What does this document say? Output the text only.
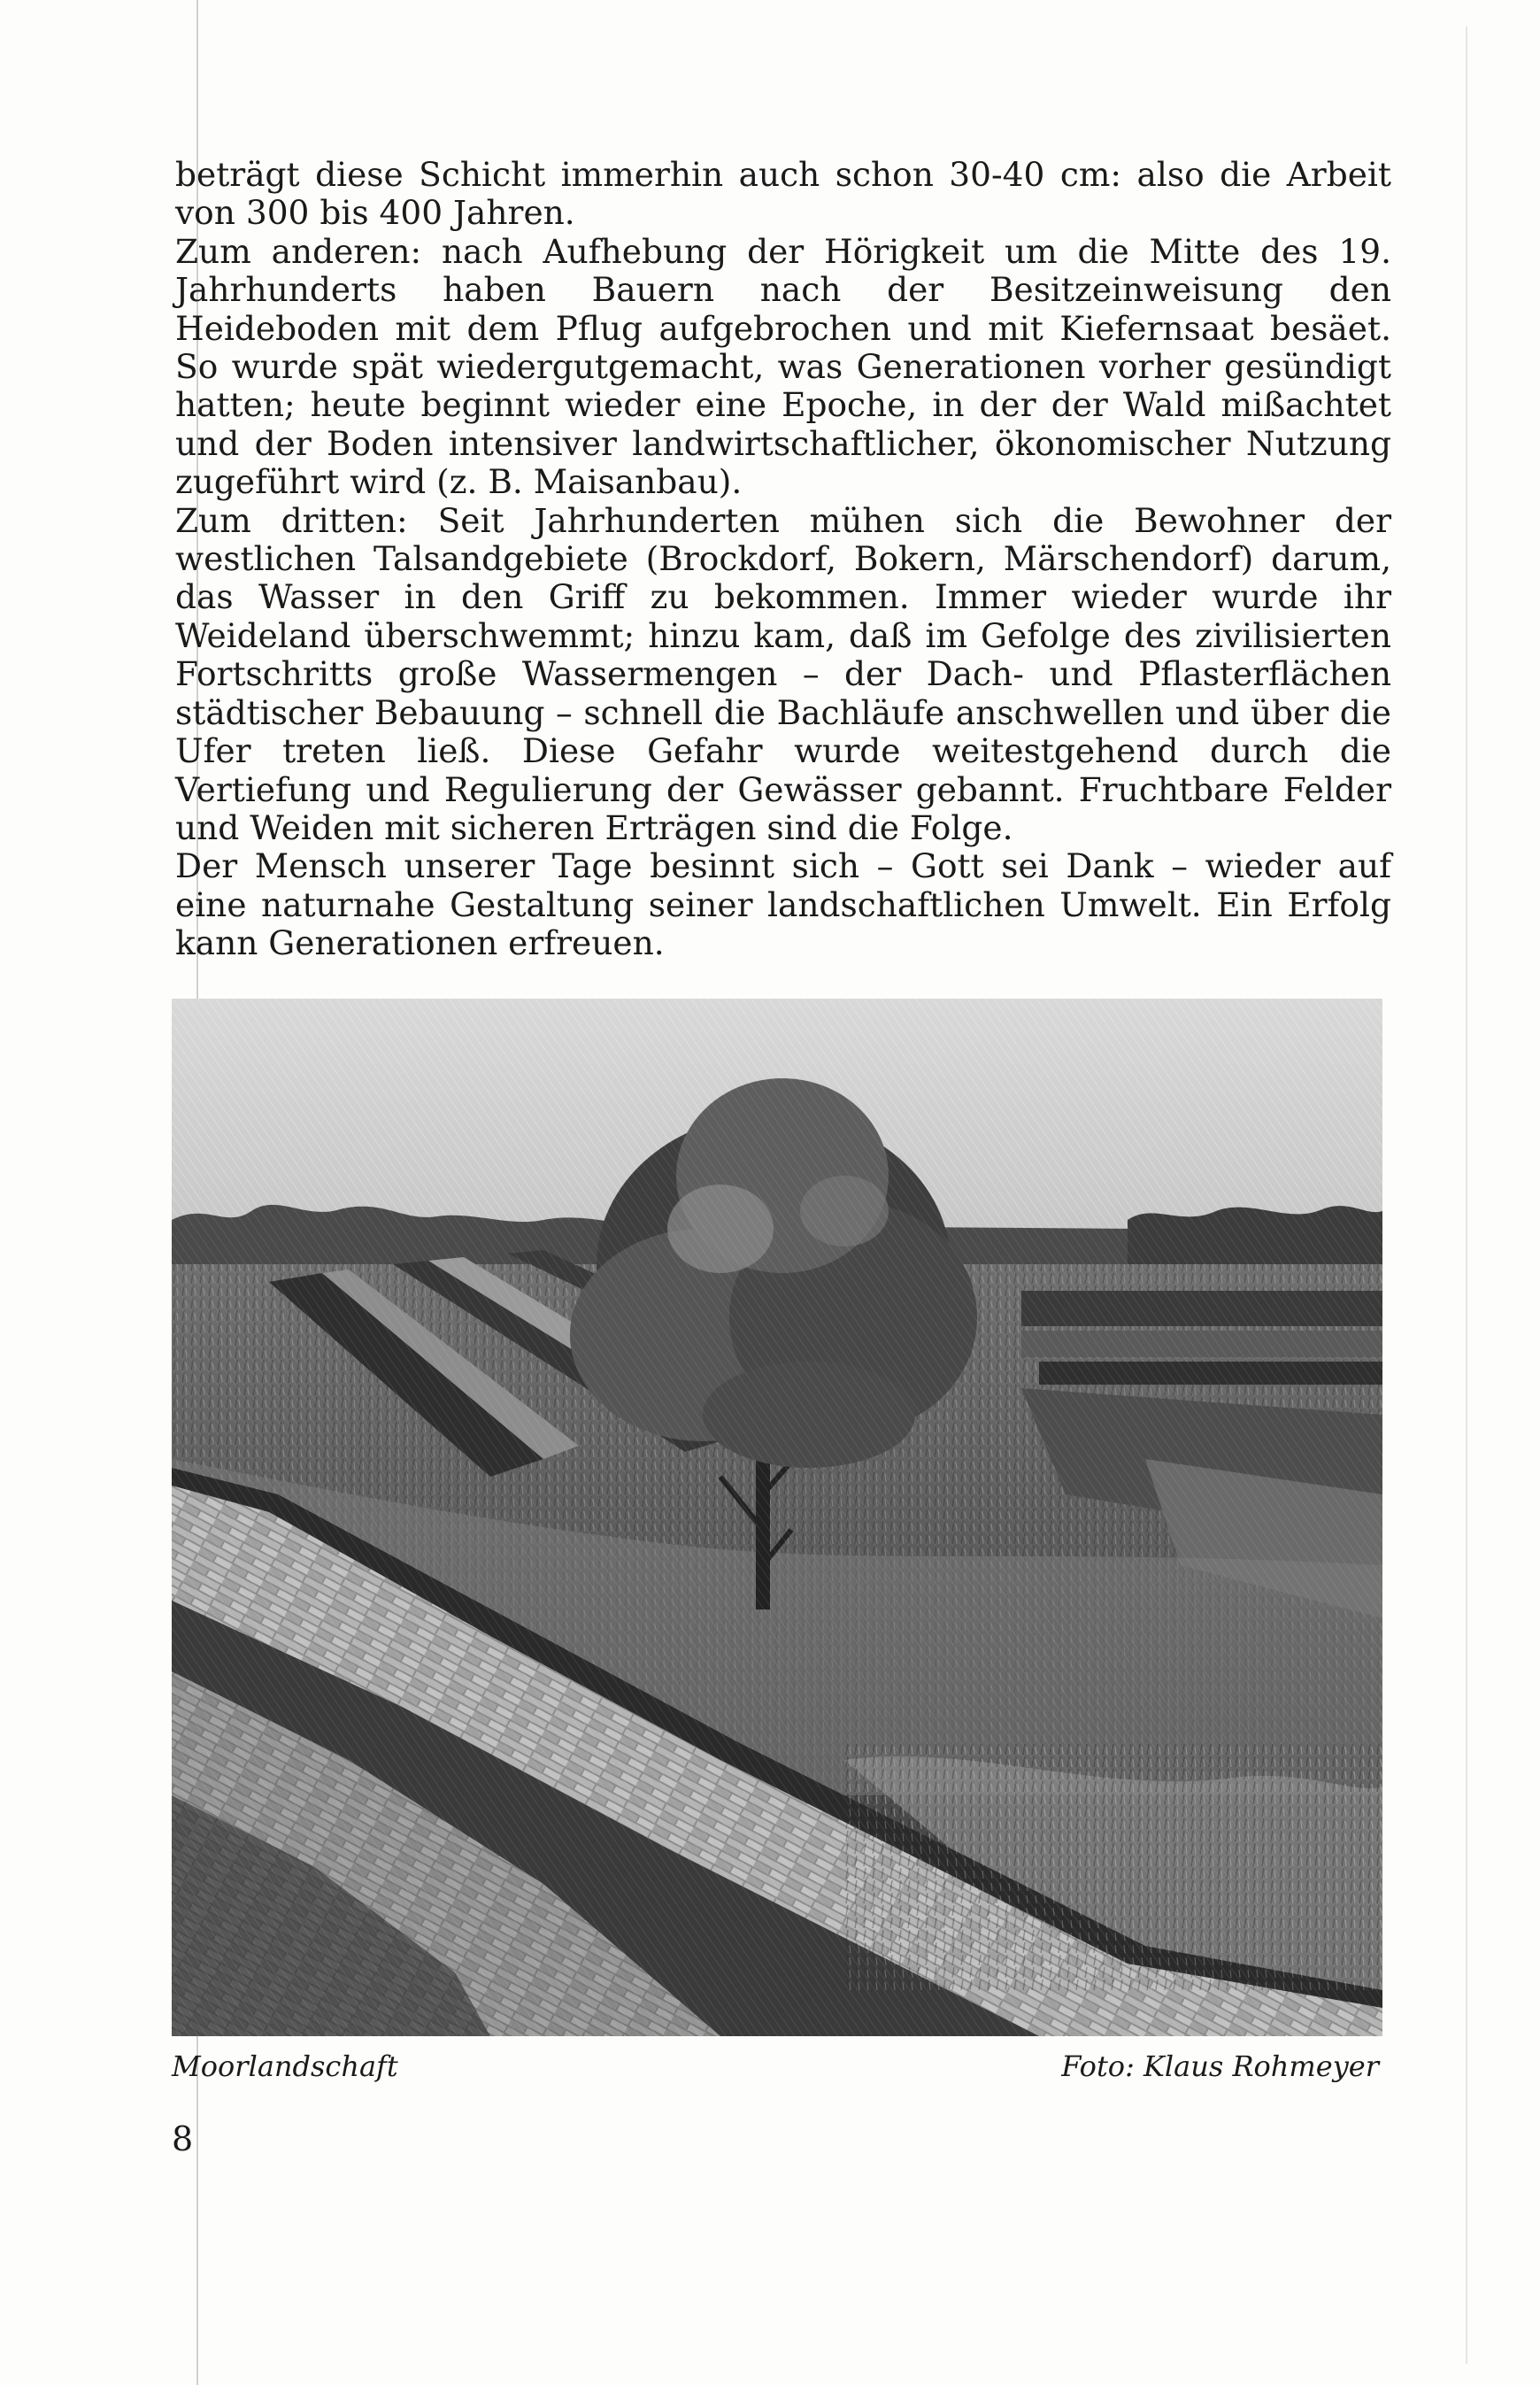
beträgt diese Schicht immerhin auch schon 30-40 cm: also die Arbeit von 300 bis 400 Jahren.

Zum anderen: nach Aufhebung der Hörigkeit um die Mitte des 19. Jahrhunderts haben Bauern nach der Besitzeinweisung den Heideboden mit dem Pflug aufgebrochen und mit Kiefernsaat besäet. So wurde spät wiedergutgemacht, was Generationen vorher gesündigt hatten; heute beginnt wieder eine Epoche, in der der Wald mißachtet und der Boden intensiver landwirtschaftlicher, ökonomischer Nutzung zugeführt wird (z. B. Maisanbau).

Zum dritten: Seit Jahrhunderten mühen sich die Bewohner der westlichen Talsandgebiete (Brockdorf, Bokern, Märschendorf) darum, das Wasser in den Griff zu bekommen. Immer wieder wurde ihr Weideland überschwemmt; hinzu kam, daß im Gefolge des zivilisierten Fortschritts große Wassermengen – der Dach- und Pflasterflächen städtischer Bebauung – schnell die Bachläufe anschwellen und über die Ufer treten ließ. Diese Gefahr wurde weitestgehend durch die Vertiefung und Regulierung der Gewässer gebannt. Fruchtbare Felder und Weiden mit sicheren Erträgen sind die Folge.

Der Mensch unserer Tage besinnt sich – Gott sei Dank – wieder auf eine naturnahe Gestaltung seiner landschaftlichen Umwelt. Ein Erfolg kann Generationen erfreuen.

Moorlandschaft	Foto: Klaus Rohmeyer
8
